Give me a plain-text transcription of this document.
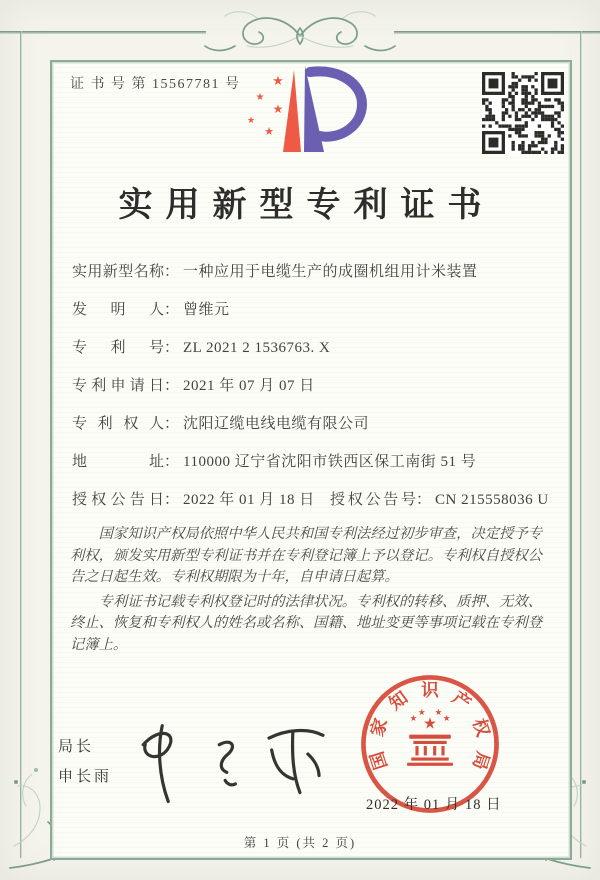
证 书 号 第 15567781 号 ★
★
★
★
★
实用新型专利证书
实用新型名称： 一种应用于电缆生产的成圈机组用计米装置
发明人： 曾维元
专利号： ZL 2021 2 1536763. X
专利申请日： 2021 年 07 月 07 日
专利权人： 沈阳辽缆电线电缆有限公司
地址： 110000 辽宁省沈阳市铁西区保工南街 51 号
授权公告日： 2022 年 01 月 18 日 授权公告号： CN 215558036 U

国家知识产权局依照中华人民共和国专利法经过初步审查，决定授予专利权，颁发实用新型专利证书并在专利登记簿上予以登记。专利权自授权公告之日起生效。专利权期限为十年，自申请日起算。

专利证书记载专利权登记时的法律状况。专利权的转移、质押、无效、终止、恢复和专利权人的姓名或名称、国籍、地址变更等事项记载在专利登记簿上。

局长
申长雨
★
★
★ ★
★
国
家
知 识 产
权
局
2022 年 01 月 18 日
第 1 页 (共 2 页)
